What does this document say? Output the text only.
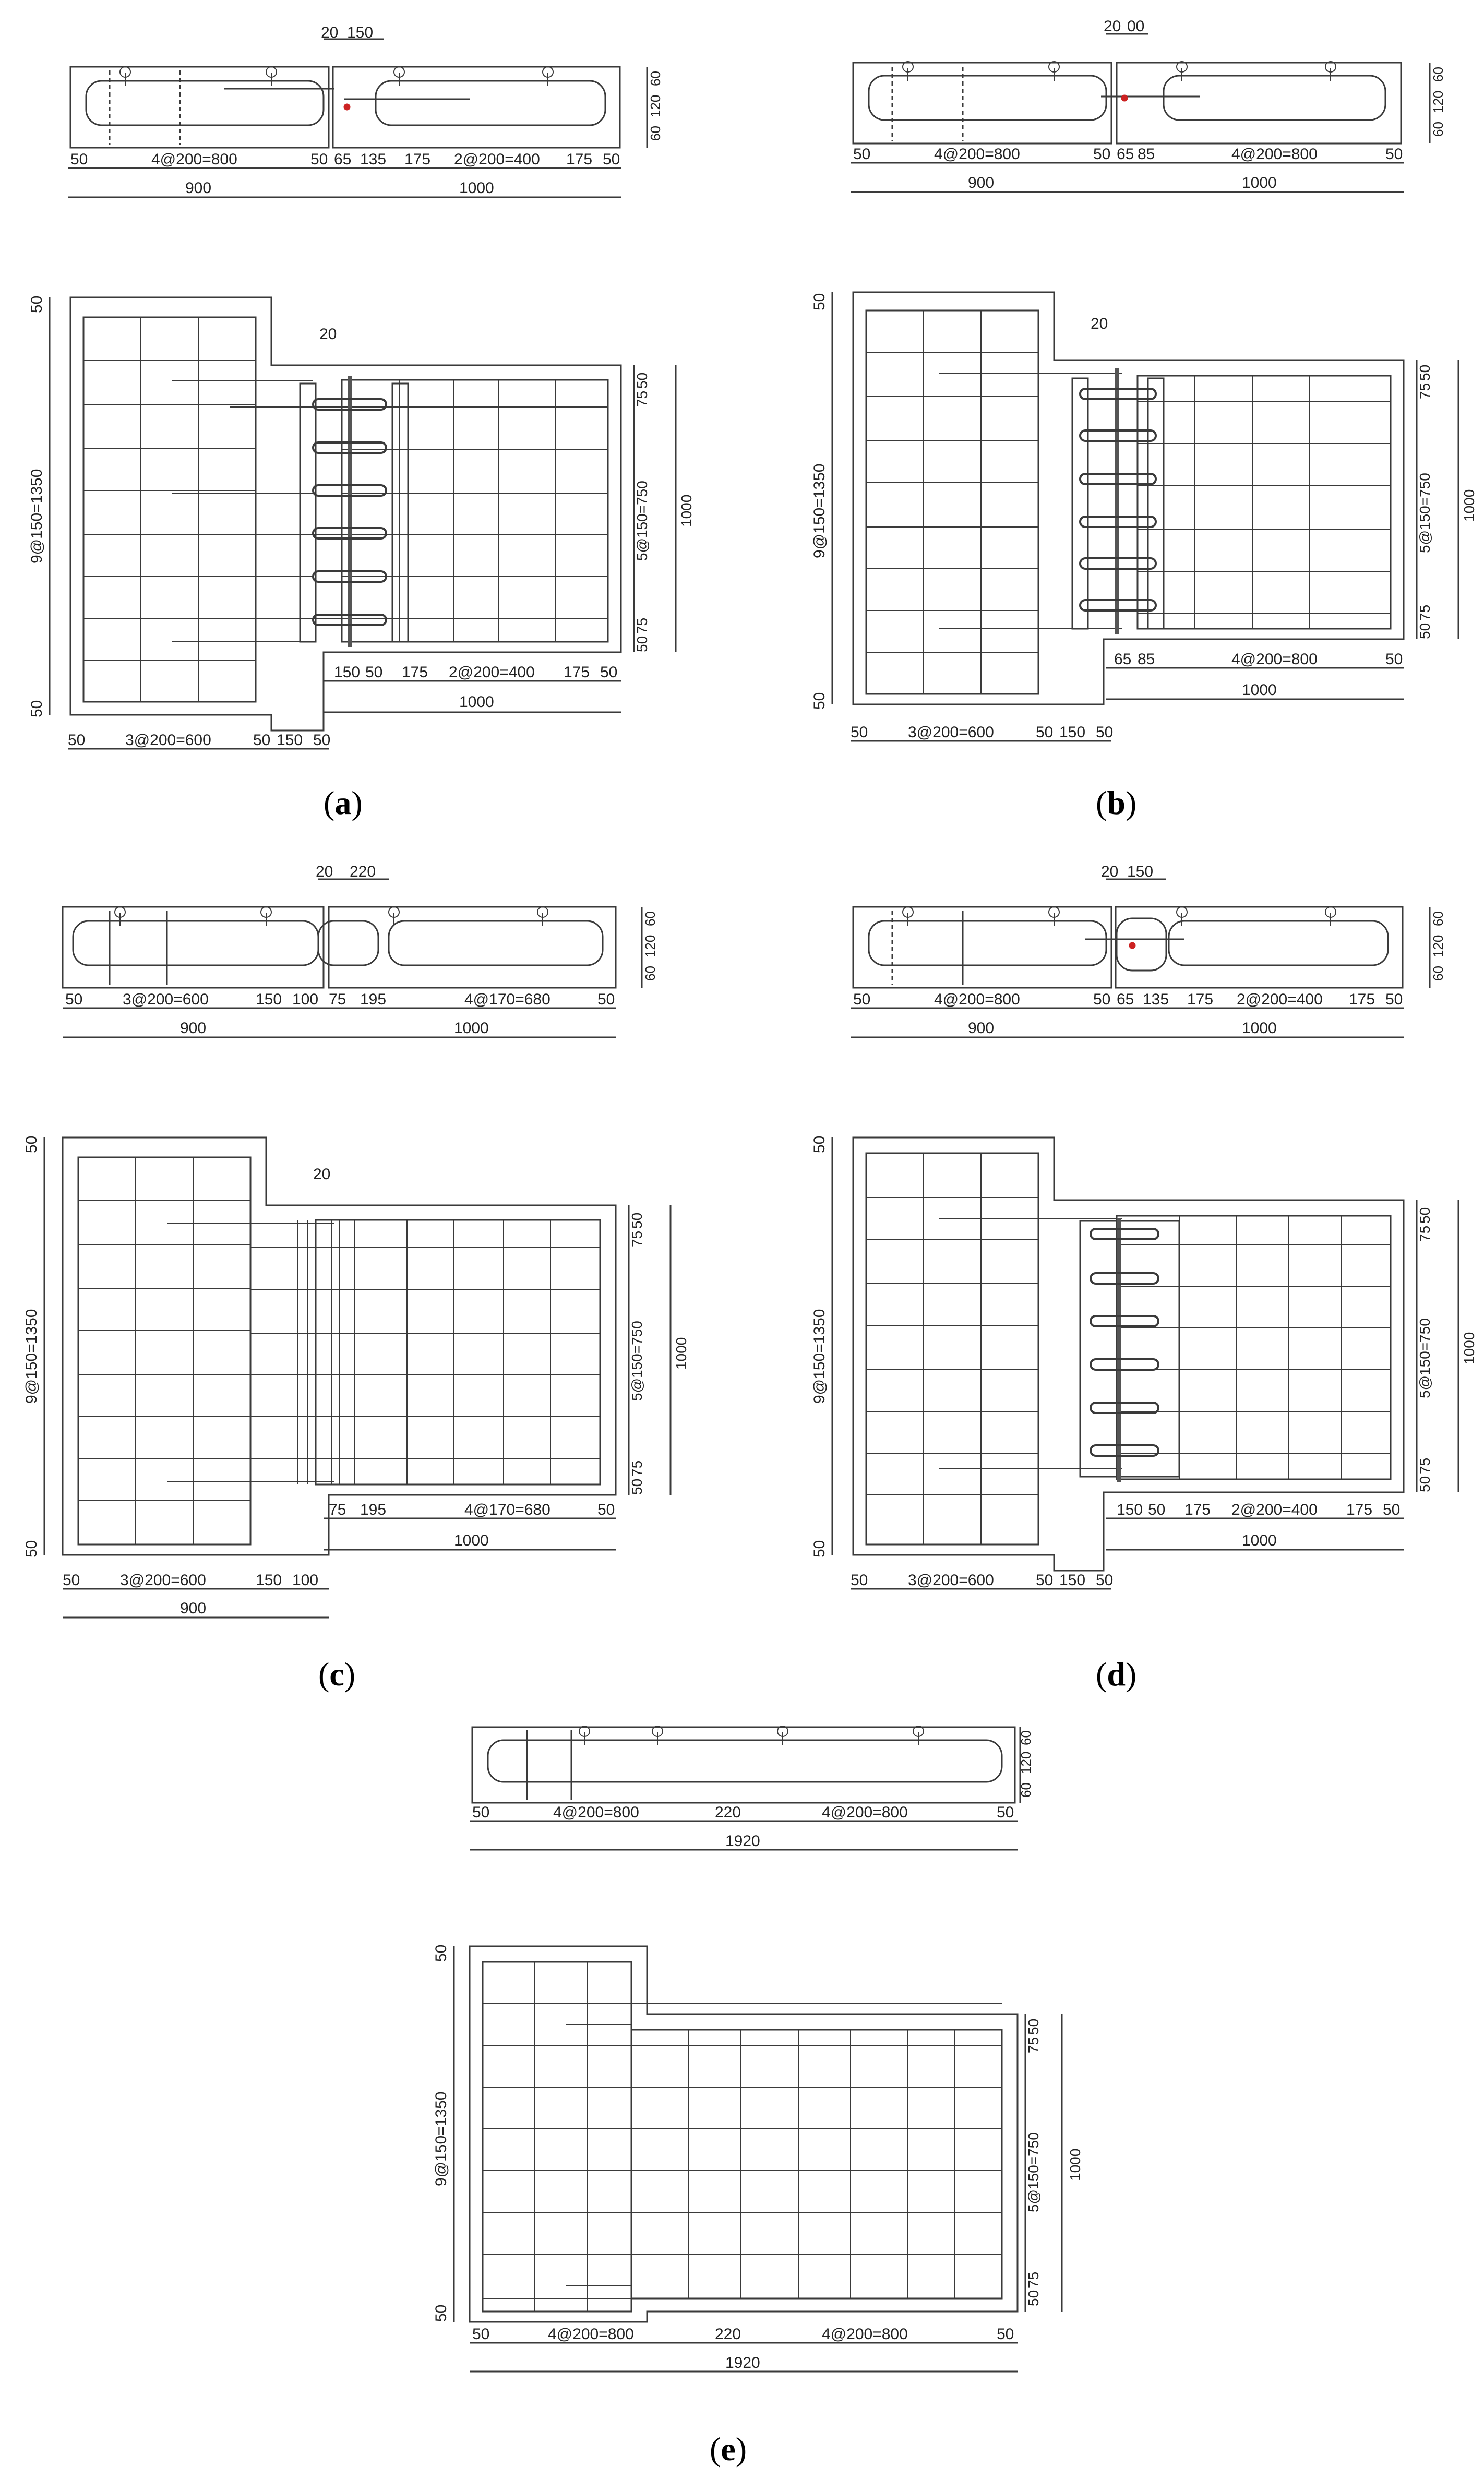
20 150
60
120
60
50	4@200=800	50 65 135 175 2@200=400 175 50
900	1000
20
50
9@150=1350
50
75
50
5@150=750
50
75
1000
150 50 175 2@200=400 175 50
1000
50	3@200=600	50 150 50
(a)
20 00
60
120
60
50	4@200=800	50 65 85	4@200=800	50
900	1000
20
50
9@150=1350
50
75
50
5@150=750
50
75
1000
65 85	4@200=800	50
1000
50	3@200=600	50 150 50
(b)
20 220
60
120
60
50	3@200=600	150 100 75 195	4@170=680	50
900	1000
20
50
9@150=1350
50
75
50
5@150=750
50
75
1000
75 195	4@170=680	50
1000
50	3@200=600	150 100
900
(c)
20 150
60
120
60
50	4@200=800	50 65 135 175 2@200=400 175 50
900	1000
50
9@150=1350
50
75
50
5@150=750
50
75
1000
150 50 175 2@200=400 175 50
1000
50	3@200=600	50 150 50
(d)
60
120
60
50	4@200=800	220	4@200=800	50
1920
50
9@150=1350
50
75
50
5@150=750
50
75
1000
50	4@200=800	220	4@200=800	50
1920
(e)
